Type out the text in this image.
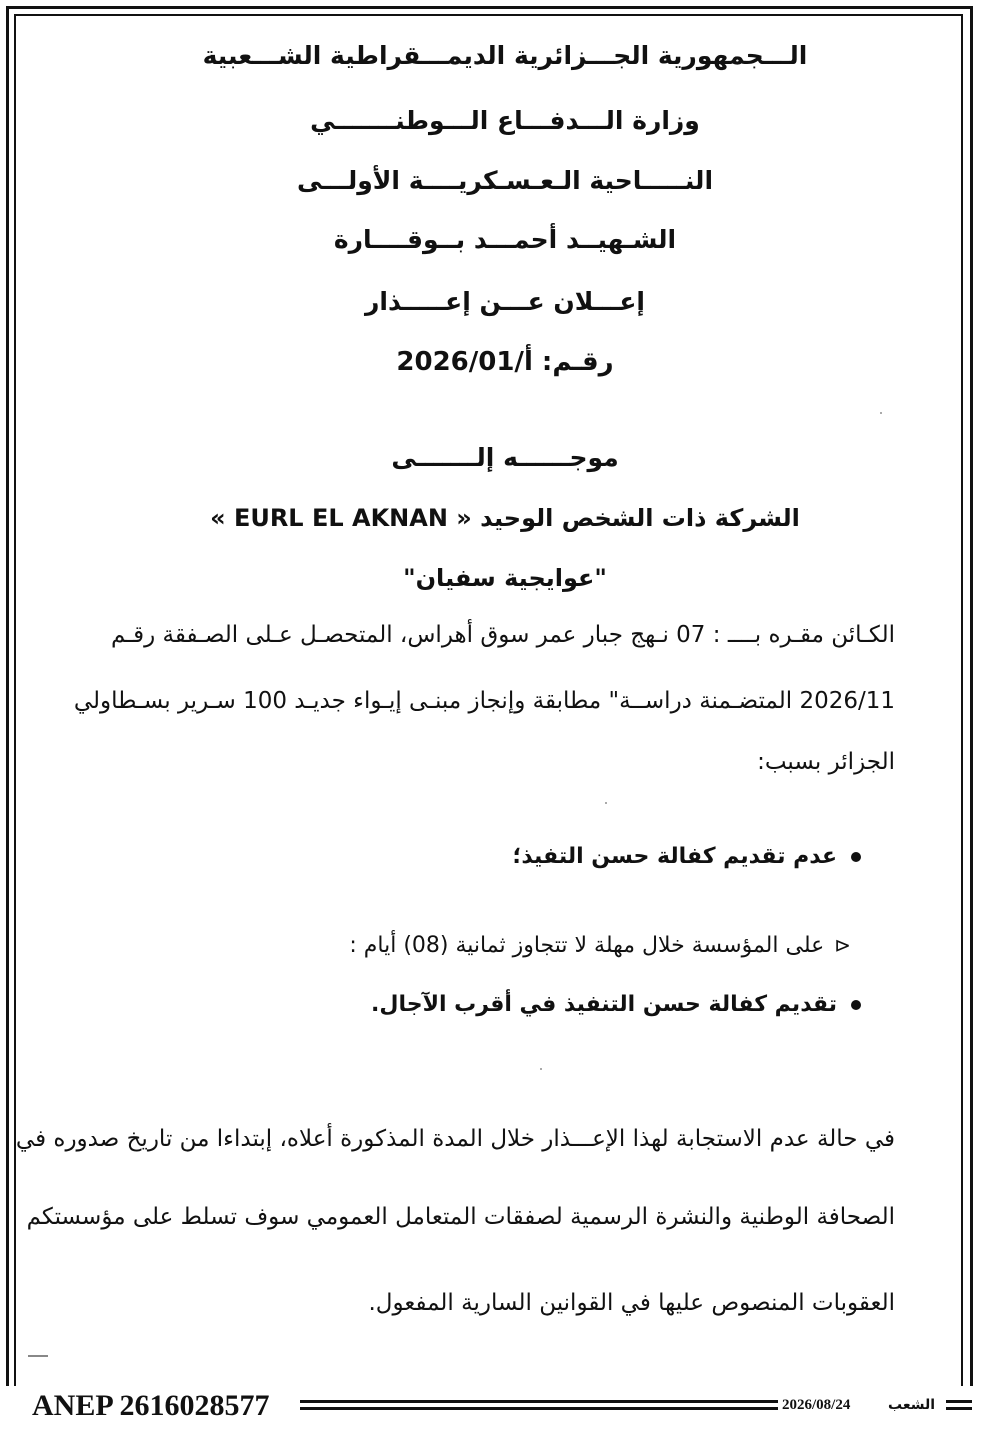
الـــجمهورية الجـــزائرية الديمـــقراطية الشـــعبية
وزارة الـــدفـــاع الـــوطنـــــــي
النـــــاحية الـعـسـكريــــة الأولـــى
الشـهيــد أحمـــد بــوقــــارة
إعـــلان عـــن إعـــــذار
رقـم: 2026/01/أ
موجــــــه إلـــــــى
الشركة ذات الشخص الوحيد « EURL EL AKNAN »
"عوايجية سفيان"
الكـائن مقـره بــــ : 07 نـهج جبار عمر سوق أهراس، المتحصـل عـلى الصـفقة رقـم
2026/11 المتضـمنة دراســة" مطابقة وإنجاز مبنـى إيـواء جديـد 100 سـرير بسـطاولي
الجزائر بسبب:
عدم تقديم كفالة حسن التفيذ؛
⊲على المؤسسة خلال مهلة لا تتجاوز ثمانية (08) أيام :
تقديم كفالة حسن التنفيذ في أقرب الآجال.
في حالة عدم الاستجابة لهذا الإعـــذار خلال المدة المذكورة أعلاه، إبتداءا من تاريخ صدوره في
الصحافة الوطنية والنشرة الرسمية لصفقات المتعامل العمومي سوف تسلط على مؤسستكم
العقوبات المنصوص عليها في القوانين السارية المفعول.
ANEP 2616028577	2026/08/24	الشعب
